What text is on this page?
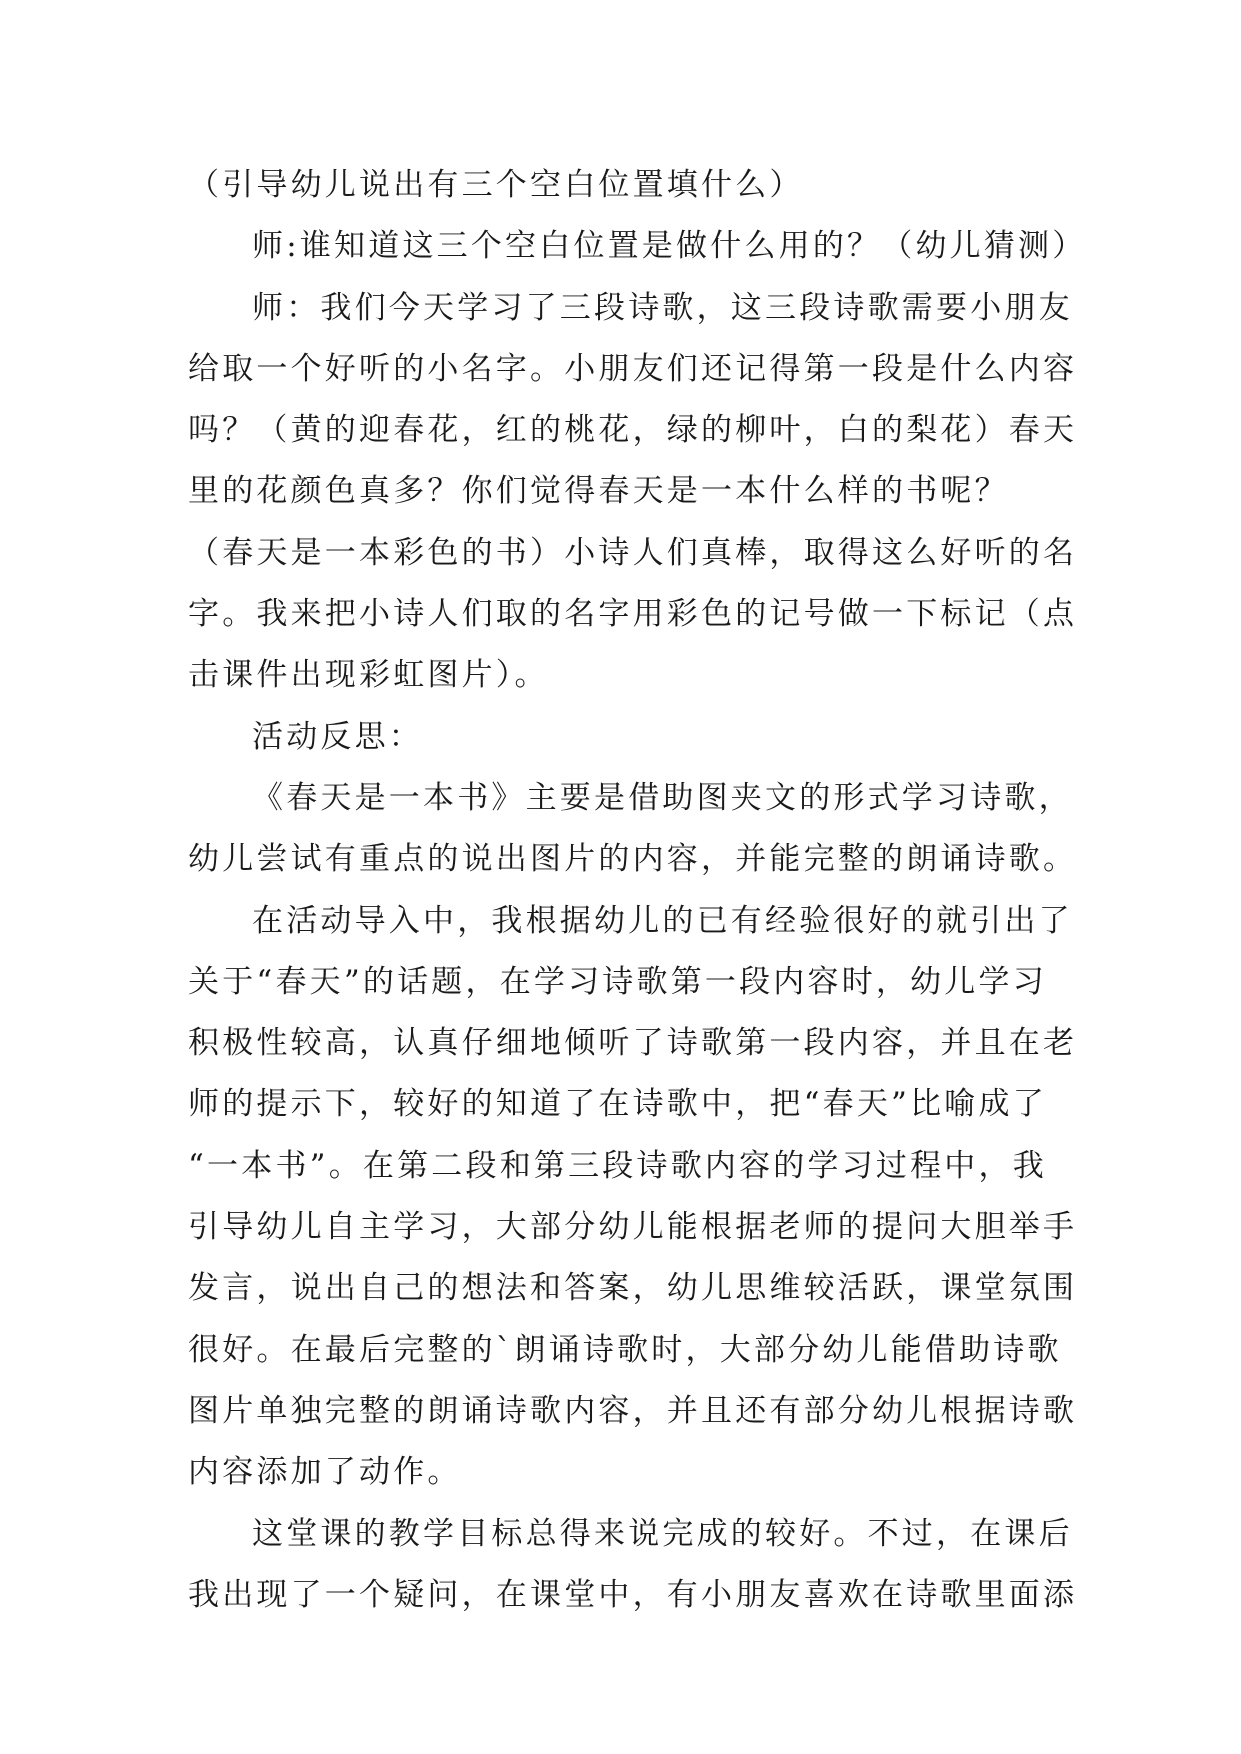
（引导幼儿说出有三个空白位置填什么）
师:谁知道这三个空白位置是做什么用的？（幼儿猜测）
师：我们今天学习了三段诗歌，这三段诗歌需要小朋友
给取一个好听的小名字。小朋友们还记得第一段是什么内容
吗？（黄的迎春花，红的桃花，绿的柳叶，白的梨花）春天
里的花颜色真多？你们觉得春天是一本什么样的书呢？
（春天是一本彩色的书）小诗人们真棒，取得这么好听的名
字。我来把小诗人们取的名字用彩色的记号做一下标记（点
击课件出现彩虹图片）。
活动反思：
《春天是一本书》主要是借助图夹文的形式学习诗歌，
幼儿尝试有重点的说出图片的内容，并能完整的朗诵诗歌。
在活动导入中，我根据幼儿的已有经验很好的就引出了
关于“春天”的话题，在学习诗歌第一段内容时，幼儿学习
积极性较高，认真仔细地倾听了诗歌第一段内容，并且在老
师的提示下，较好的知道了在诗歌中，把“春天”比喻成了
“一本书”。在第二段和第三段诗歌内容的学习过程中，我
引导幼儿自主学习，大部分幼儿能根据老师的提问大胆举手
发言，说出自己的想法和答案，幼儿思维较活跃，课堂氛围
很好。在最后完整的`朗诵诗歌时，大部分幼儿能借助诗歌
图片单独完整的朗诵诗歌内容，并且还有部分幼儿根据诗歌
内容添加了动作。
这堂课的教学目标总得来说完成的较好。不过，在课后
我出现了一个疑问，在课堂中，有小朋友喜欢在诗歌里面添
